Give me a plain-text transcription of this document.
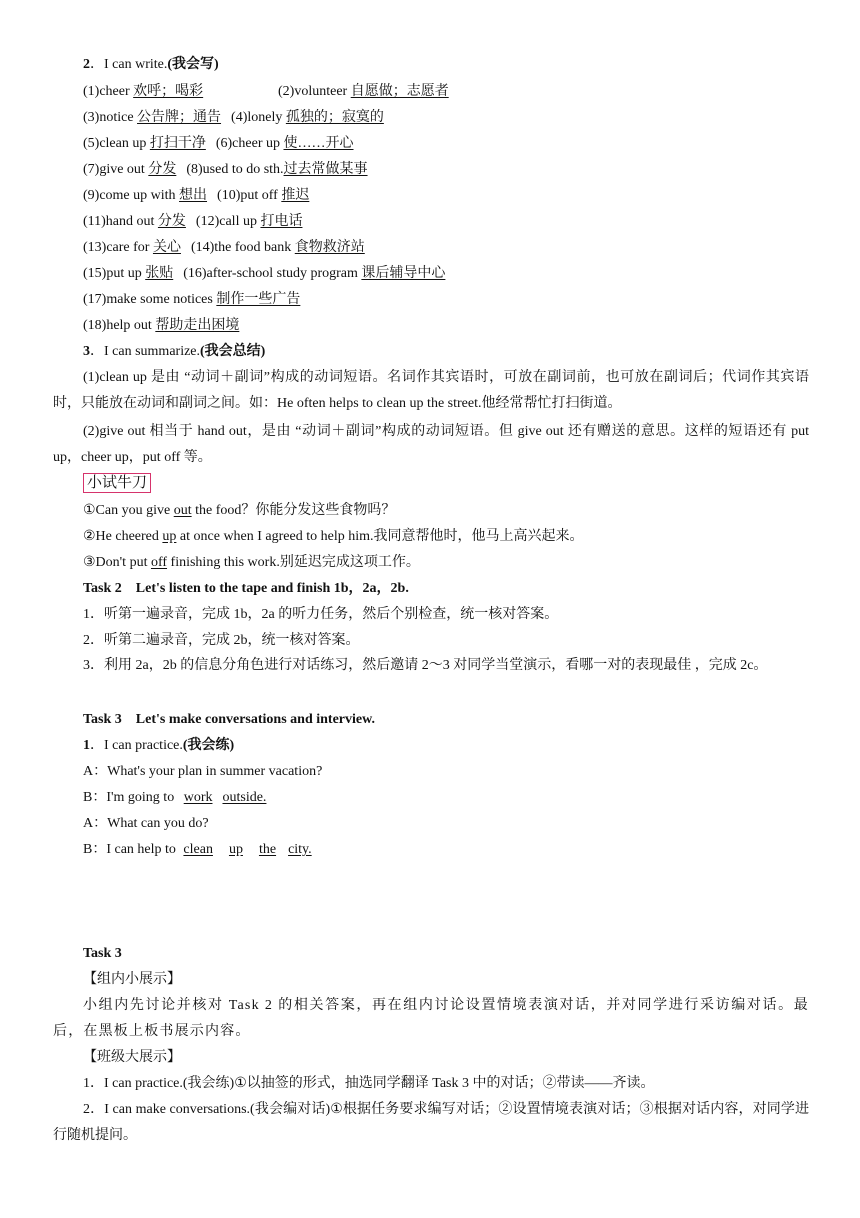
2．I can write.(我会写)
(1)cheer 欢呼；喝彩	(2)volunteer 自愿做；志愿者
(3)notice 公告牌；通告 (4)lonely 孤独的；寂寞的
(5)clean up 打扫干净 (6)cheer up 使……开心
(7)give out 分发 (8)used to do sth.过去常做某事
(9)come up with 想出 (10)put off 推迟
(11)hand out 分发 (12)call up 打电话
(13)care for 关心 (14)the food bank 食物救济站
(15)put up 张贴 (16)after-school study program 课后辅导中心
(17)make some notices 制作一些广告
(18)help out 帮助走出困境
3．I can summarize.(我会总结)
(1)clean up 是由 “动词＋副词”构成的动词短语。名词作其宾语时，可放在副词前，也可放在副词后；代词作其宾语时，只能放在动词和副词之间。如：He often helps to clean up the street.他经常帮忙打扫街道。
(2)give out 相当于 hand out，是由 “动词＋副词”构成的动词短语。但 give out 还有赠送的意思。这样的短语还有 put up，cheer up，put off 等。
小试牛刀
①Can you give out the food？你能分发这些食物吗？
②He cheered up at once when I agreed to help him.我同意帮他时，他马上高兴起来。
③Don't put off finishing this work.别延迟完成这项工作。
Task 2　Let's listen to the tape and finish 1b，2a，2b.
1．听第一遍录音，完成 1b，2a 的听力任务，然后个别检查，统一核对答案。
2．听第二遍录音，完成 2b，统一核对答案。
3．利用 2a，2b 的信息分角色进行对话练习，然后邀请 2～3 对同学当堂演示，看哪一对的表现最佳 ，完成 2c。
Task 3　Let's make conversations and interview.
1．I can practice.(我会练)
A：What's your plan in summer vacation?
B：I'm going to work outside.
A：What can you do?
B：I can help to clean up the city.
Task 3
【组内小展示】
小组内先讨论并核对 Task 2 的相关答案，再在组内讨论设置情境表演对话，并对同学进行采访编对话。最后，在黑板上板书展示内容。
【班级大展示】
1．I can practice.(我会练)①以抽签的形式，抽选同学翻译 Task 3 中的对话；②带读——齐读。
2．I can make conversations.(我会编对话)①根据任务要求编写对话；②设置情境表演对话；③根据对话内容，对同学进行随机提问。
